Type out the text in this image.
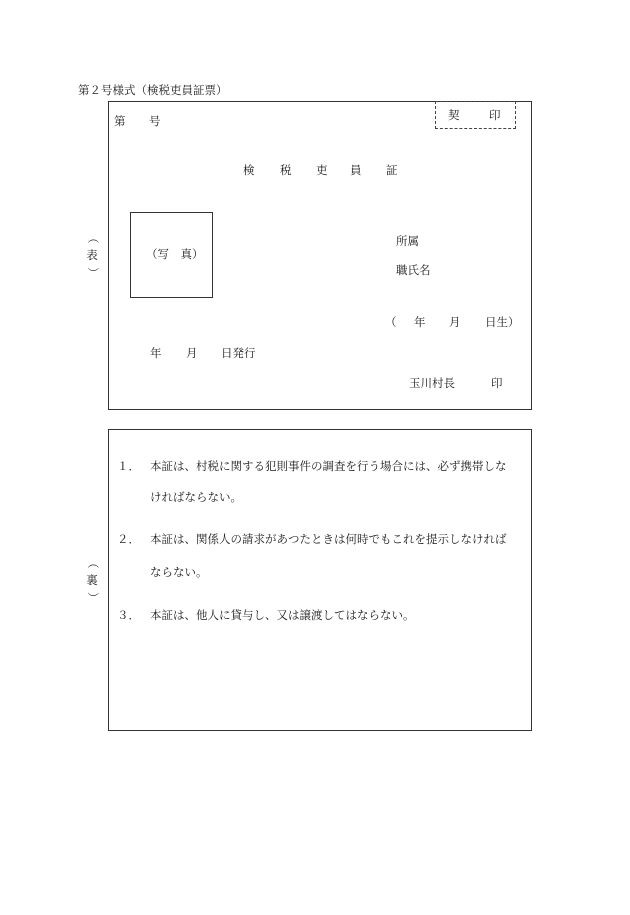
第２号様式（検税吏員証票）
（
表
）
契	印
第 号
検 税 吏 員 証
（写　真）
所属
職氏名
（ 年 月 日生）
年 月 日発行
玉川村長	印
（
裏
）
１． 本証は、村税に関する犯則事件の調査を行う場合には、必ず携帯しな
ければならない。
２． 本証は、関係人の請求があつたときは何時でもこれを提示しなければ
ならない。
３． 本証は、他人に貸与し、又は譲渡してはならない。
